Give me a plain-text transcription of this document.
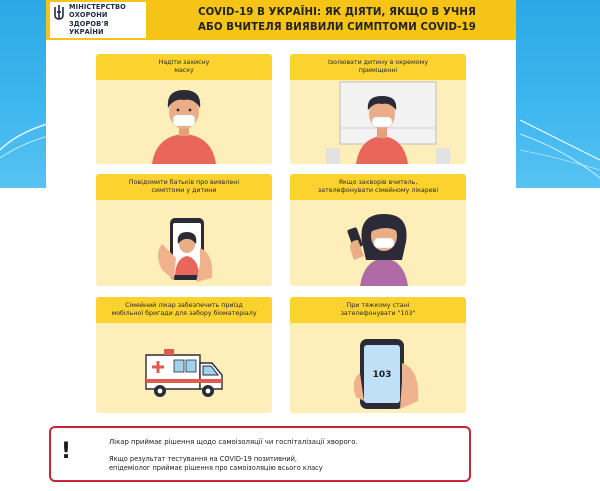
МІНІСТЕРСТВО
ОХОРОНИ
ЗДОРОВ'Я
УКРАЇНИ
COVID-19 В УКРАЇНІ: ЯК ДІЯТИ, ЯКЩО В УЧНЯ
АБО ВЧИТЕЛЯ ВИЯВИЛИ СИМПТОМИ COVID-19
Надіти захисну
маску
Ізолювати дитину в окремому
приміщенні
Повідомити батьків про виявлені
симптоми у дитини
Якщо захворів вчитель,
зателефонувати сімейному лікареві
Сімейний лікар забезпечить приїзд
мобільної бригади для забору біоматеріалу
При тяжкому стані
зателефонувати "103"
103
!	Лікар приймає рішення щодо самоізоляції чи госпіталізації хворого.
Якщо результат тестування на COVID-19 позитивний,
епідеміолог приймає рішення про самоізоляцію всього класу
